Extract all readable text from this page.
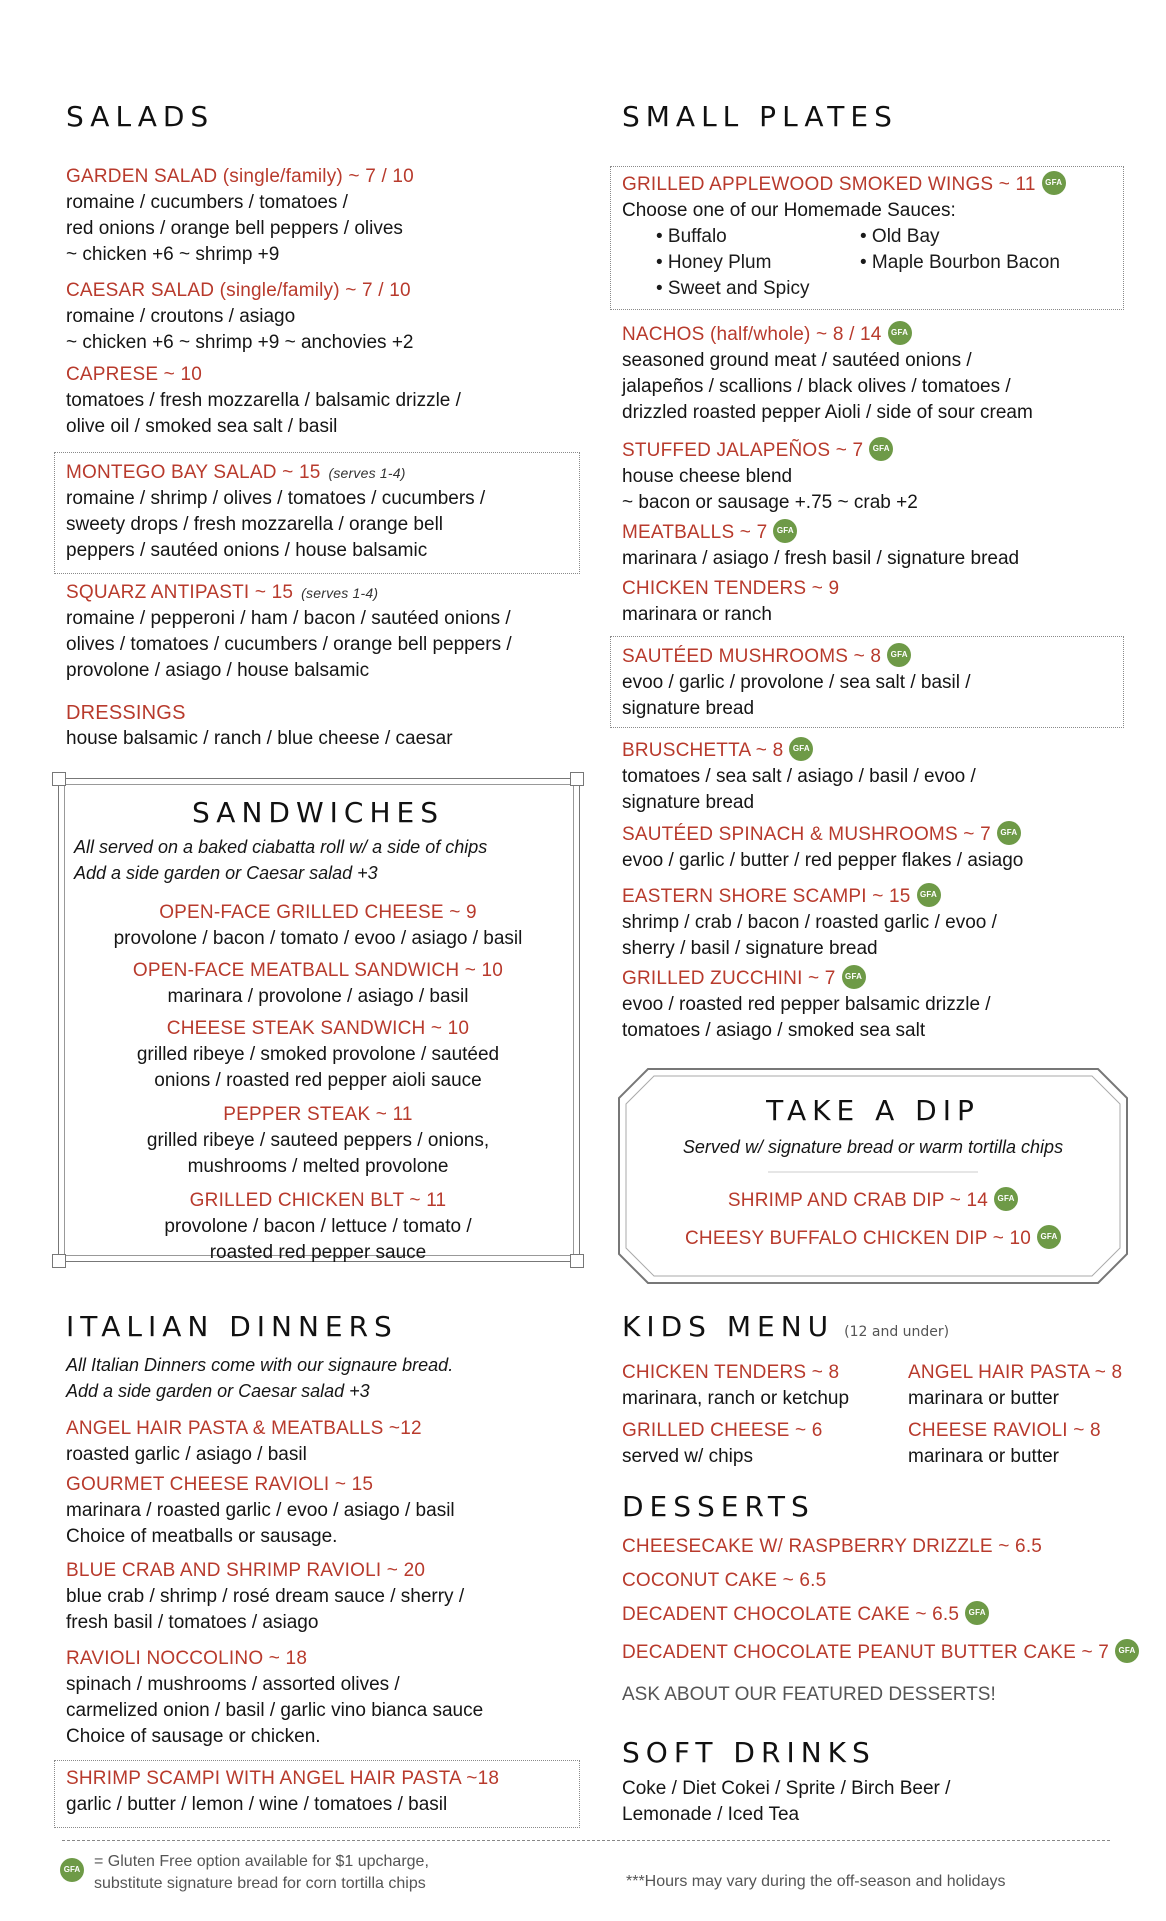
SALADS
GARDEN SALAD (single/family) ~ 7 / 10
romaine / cucumbers / tomatoes /
red onions / orange bell peppers / olives
~ chicken +6 ~ shrimp +9
CAESAR SALAD (single/family) ~ 7 / 10
romaine / croutons / asiago
~ chicken +6 ~ shrimp +9 ~ anchovies +2
CAPRESE ~ 10
tomatoes / fresh mozzarella / balsamic drizzle /
olive oil / smoked sea salt / basil
MONTEGO BAY SALAD ~ 15 (serves 1-4)
romaine / shrimp / olives / tomatoes / cucumbers /
sweety drops / fresh mozzarella / orange bell
peppers / sautéed onions / house balsamic
SQUARZ ANTIPASTI ~ 15 (serves 1-4)
romaine / pepperoni / ham / bacon / sautéed onions /
olives / tomatoes / cucumbers / orange bell peppers /
provolone / asiago / house balsamic
DRESSINGS
house balsamic / ranch / blue cheese / caesar
SANDWICHES
All served on a baked ciabatta roll w/ a side of chips
Add a side garden or Caesar salad +3
OPEN-FACE GRILLED CHEESE ~ 9
provolone / bacon / tomato / evoo / asiago / basil
OPEN-FACE MEATBALL SANDWICH ~ 10
marinara / provolone / asiago / basil
CHEESE STEAK SANDWICH ~ 10
grilled ribeye / smoked provolone / sautéed
onions / roasted red pepper aioli sauce
PEPPER STEAK ~ 11
grilled ribeye / sauteed peppers / onions,
mushrooms / melted provolone
GRILLED CHICKEN BLT ~ 11
provolone / bacon / lettuce / tomato /
roasted red pepper sauce
ITALIAN DINNERS
All Italian Dinners come with our signaure bread.
Add a side garden or Caesar salad +3
ANGEL HAIR PASTA & MEATBALLS ~12
roasted garlic / asiago / basil
GOURMET CHEESE RAVIOLI ~ 15
marinara / roasted garlic / evoo / asiago / basil
Choice of meatballs or sausage.
BLUE CRAB AND SHRIMP RAVIOLI ~ 20
blue crab / shrimp / rosé dream sauce / sherry /
fresh basil / tomatoes / asiago
RAVIOLI NOCCOLINO ~ 18
spinach / mushrooms / assorted olives /
carmelized onion / basil / garlic vino bianca sauce
Choice of sausage or chicken.
SHRIMP SCAMPI WITH ANGEL HAIR PASTA ~18
garlic / butter / lemon / wine / tomatoes / basil
SMALL PLATES
GRILLED APPLEWOOD SMOKED WINGS ~ 11 GFA
Choose one of our Homemade Sauces:
• Buffalo	• Old Bay
• Honey Plum	• Maple Bourbon Bacon
• Sweet and Spicy
NACHOS (half/whole) ~ 8 / 14 GFA
seasoned ground meat / sautéed onions /
jalapeños / scallions / black olives / tomatoes /
drizzled roasted pepper Aioli / side of sour cream
STUFFED JALAPEÑOS ~ 7 GFA
house cheese blend
~ bacon or sausage +.75 ~ crab +2
MEATBALLS ~ 7 GFA
marinara / asiago / fresh basil / signature bread
CHICKEN TENDERS ~ 9
marinara or ranch
SAUTÉED MUSHROOMS ~ 8 GFA
evoo / garlic / provolone / sea salt / basil /
signature bread
BRUSCHETTA ~ 8 GFA
tomatoes / sea salt / asiago / basil / evoo /
signature bread
SAUTÉED SPINACH & MUSHROOMS ~ 7 GFA
evoo / garlic / butter / red pepper flakes / asiago
EASTERN SHORE SCAMPI ~ 15 GFA
shrimp / crab / bacon / roasted garlic / evoo /
sherry / basil / signature bread
GRILLED ZUCCHINI ~ 7 GFA
evoo / roasted red pepper balsamic drizzle /
tomatoes / asiago / smoked sea salt
TAKE A DIP
Served w/ signature bread or warm tortilla chips
SHRIMP AND CRAB DIP ~ 14 GFA
CHEESY BUFFALO CHICKEN DIP ~ 10 GFA
KIDS MENU (12 and under)
CHICKEN TENDERS ~ 8
marinara, ranch or ketchup
ANGEL HAIR PASTA ~ 8
marinara or butter
GRILLED CHEESE ~ 6
served w/ chips
CHEESE RAVIOLI ~ 8
marinara or butter
DESSERTS
CHEESECAKE W/ RASPBERRY DRIZZLE ~ 6.5
COCONUT CAKE ~ 6.5
DECADENT CHOCOLATE CAKE ~ 6.5 GFA
DECADENT CHOCOLATE PEANUT BUTTER CAKE ~ 7 GFA
ASK ABOUT OUR FEATURED DESSERTS!
SOFT DRINKS
Coke / Diet Cokei / Sprite / Birch Beer /
Lemonade / Iced Tea
GFA = Gluten Free option available for $1 upcharge,
substitute signature bread for corn tortilla chips	***Hours may vary during the off-season and holidays
